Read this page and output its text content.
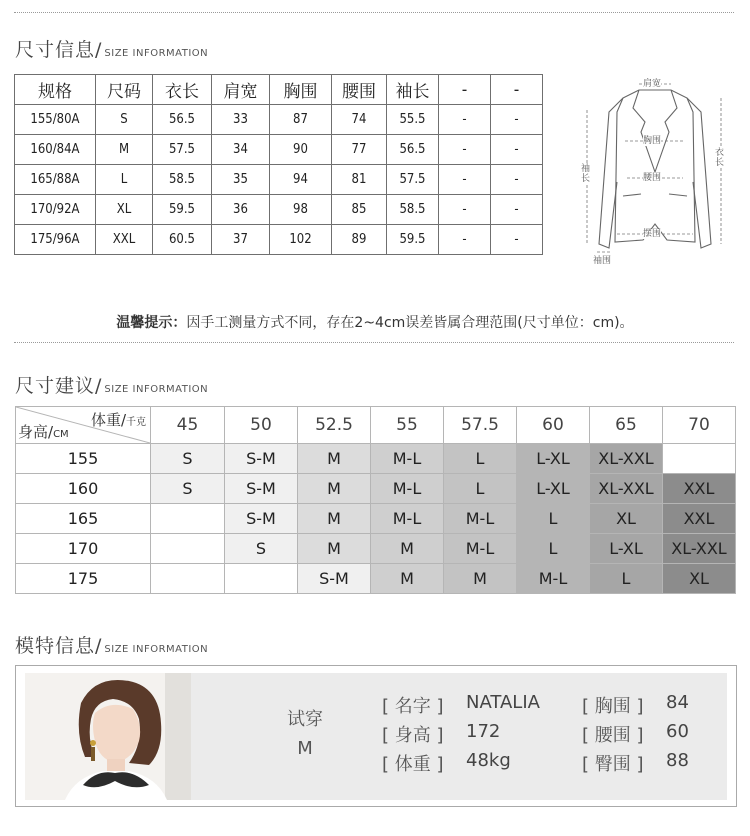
尺寸信息/ SIZE INFORMATION
规格	尺码	衣长	肩宽	胸围	腰围	袖长	-	-
155/80A	S	56.5	33	87	74	55.5	-	-
160/84A	M	57.5	34	90	77	56.5	-	-
165/88A	L	58.5	35	94	81	57.5	-	-
170/92A	XL	59.5	36	98	85	58.5	-	-
175/96A	XXL	60.5	37	102	89	59.5	-	-
肩宽
胸围
腰围
摆围
袖长
衣长
袖围
温馨提示：因手工测量方式不同，存在2~4cm误差皆属合理范围(尺寸单位：cm)。
尺寸建议/ SIZE INFORMATION
体重/千克
身高/CM	45	50	52.5	55	57.5	60	65	70
155	S	S-M	M	M-L	L	L-XL	XL-XXL	
160	S	S-M	M	M-L	L	L-XL	XL-XXL	XXL
165		S-M	M	M-L	M-L	L	XL	XXL
170		S	M	M	M-L	L	L-XL	XL-XXL
175			S-M	M	M	M-L	L	XL
模特信息/ SIZE INFORMATION
试穿
M
[ 名字 ] NATALIA
[ 身高 ] 172
[ 体重 ] 48kg
[ 胸围 ] 84
[ 腰围 ] 60
[ 臀围 ] 88
